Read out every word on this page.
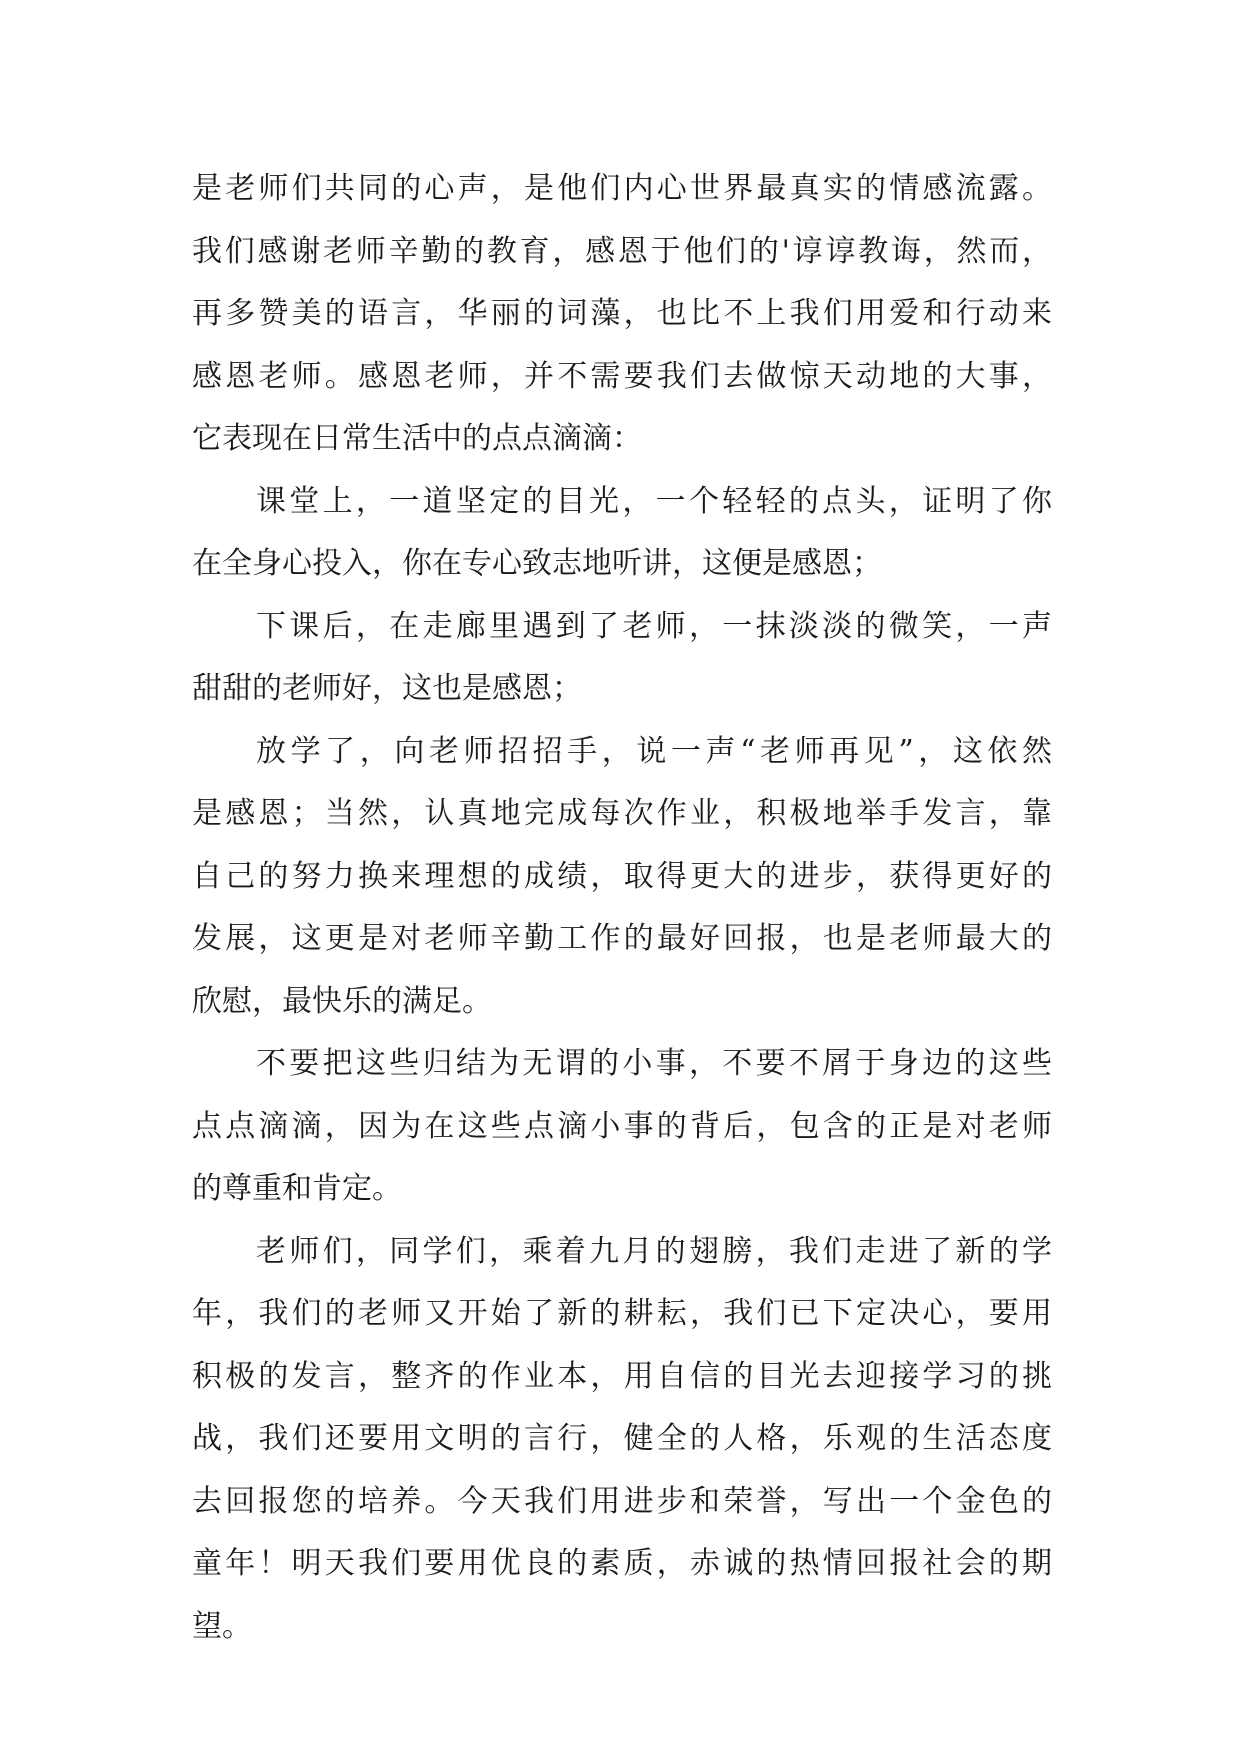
是老师们共同的心声，是他们内心世界最真实的情感流露。
我们感谢老师辛勤的教育，感恩于他们的'谆谆教诲，然而，
再多赞美的语言，华丽的词藻，也比不上我们用爱和行动来
感恩老师。感恩老师，并不需要我们去做惊天动地的大事，
它表现在日常生活中的点点滴滴：
课堂上，一道坚定的目光，一个轻轻的点头，证明了你
在全身心投入，你在专心致志地听讲，这便是感恩；
下课后，在走廊里遇到了老师，一抹淡淡的微笑，一声
甜甜的老师好，这也是感恩；
放学了，向老师招招手，说一声“老师再见”，这依然
是感恩；当然，认真地完成每次作业，积极地举手发言，靠
自己的努力换来理想的成绩，取得更大的进步，获得更好的
发展，这更是对老师辛勤工作的最好回报，也是老师最大的
欣慰，最快乐的满足。
不要把这些归结为无谓的小事，不要不屑于身边的这些
点点滴滴，因为在这些点滴小事的背后，包含的正是对老师
的尊重和肯定。
老师们，同学们，乘着九月的翅膀，我们走进了新的学
年，我们的老师又开始了新的耕耘，我们已下定决心，要用
积极的发言，整齐的作业本，用自信的目光去迎接学习的挑
战，我们还要用文明的言行，健全的人格，乐观的生活态度
去回报您的培养。今天我们用进步和荣誉，写出一个金色的
童年！明天我们要用优良的素质，赤诚的热情回报社会的期
望。
